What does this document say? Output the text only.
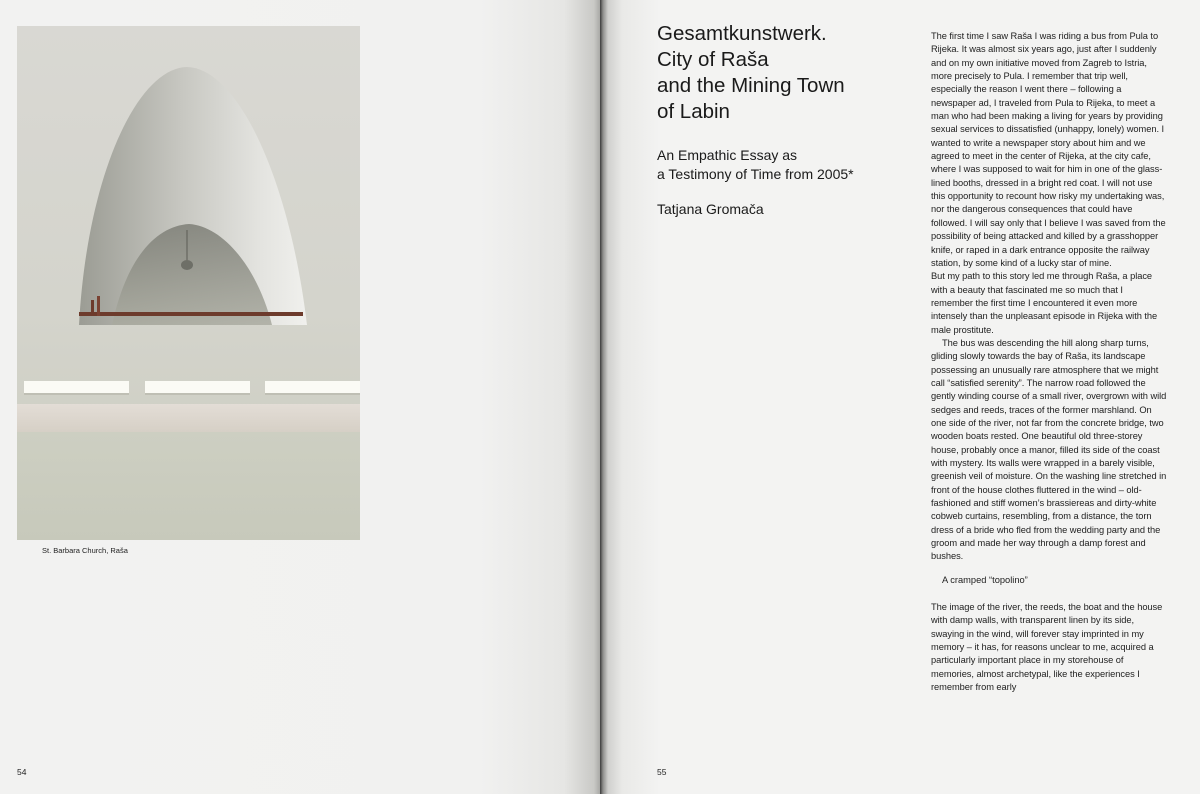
St. Barbara Church, Raša
54
Gesamtkunstwerk.
City of Raša
and the Mining Town
of Labin
An Empathic Essay as
a Testimony of Time from 2005*
Tatjana Gromača

The first time I saw Raša I was riding a bus from Pula to Rijeka. It was almost six years ago, just after I suddenly and on my own initiative moved from Zagreb to Istria, more precisely to Pula. I remember that trip well, especially the reason I went there – following a newspaper ad, I traveled from Pula to Rijeka, to meet a man who had been making a living for years by providing sexual services to dissatisfied (unhappy, lonely) women. I wanted to write a newspaper story about him and we agreed to meet in the center of Rijeka, at the city cafe, where I was supposed to wait for him in one of the glass-lined booths, dressed in a bright red coat. I will not use this opportunity to recount how risky my undertaking was, nor the dangerous consequences that could have followed. I will say only that I believe I was saved from the possibility of being attacked and killed by a grasshopper knife, or raped in a dark entrance opposite the railway station, by some kind of a lucky star of mine.

But my path to this story led me through Raša, a place with a beauty that fascinated me so much that I remember the first time I encountered it even more intensely than the unpleasant episode in Rijeka with the male prostitute.

The bus was descending the hill along sharp turns, gliding slowly towards the bay of Raša, its landscape possessing an unusually rare atmosphere that we might call “satisfied serenity”. The narrow road followed the gently winding course of a small river, overgrown with wild sedges and reeds, traces of the former marshland. On one side of the river, not far from the concrete bridge, two wooden boats rested. One beautiful old three-storey house, probably once a manor, filled its side of the coast with mystery. Its walls were wrapped in a barely visible, greenish veil of moisture. On the washing line stretched in front of the house clothes fluttered in the wind – old-fashioned and stiff women’s brassiereas and dirty-white cobweb curtains, resembling, from a distance, the torn dress of a bride who fled from the wedding party and the groom and made her way through a damp forest and bushes.

A cramped “topolino”

The image of the river, the reeds, the boat and the house with damp walls, with transparent linen by its side, swaying in the wind, will forever stay imprinted in my memory – it has, for reasons unclear to me, acquired a particularly important place in my storehouse of memories, almost archetypal, like the experiences I remember from early

55
